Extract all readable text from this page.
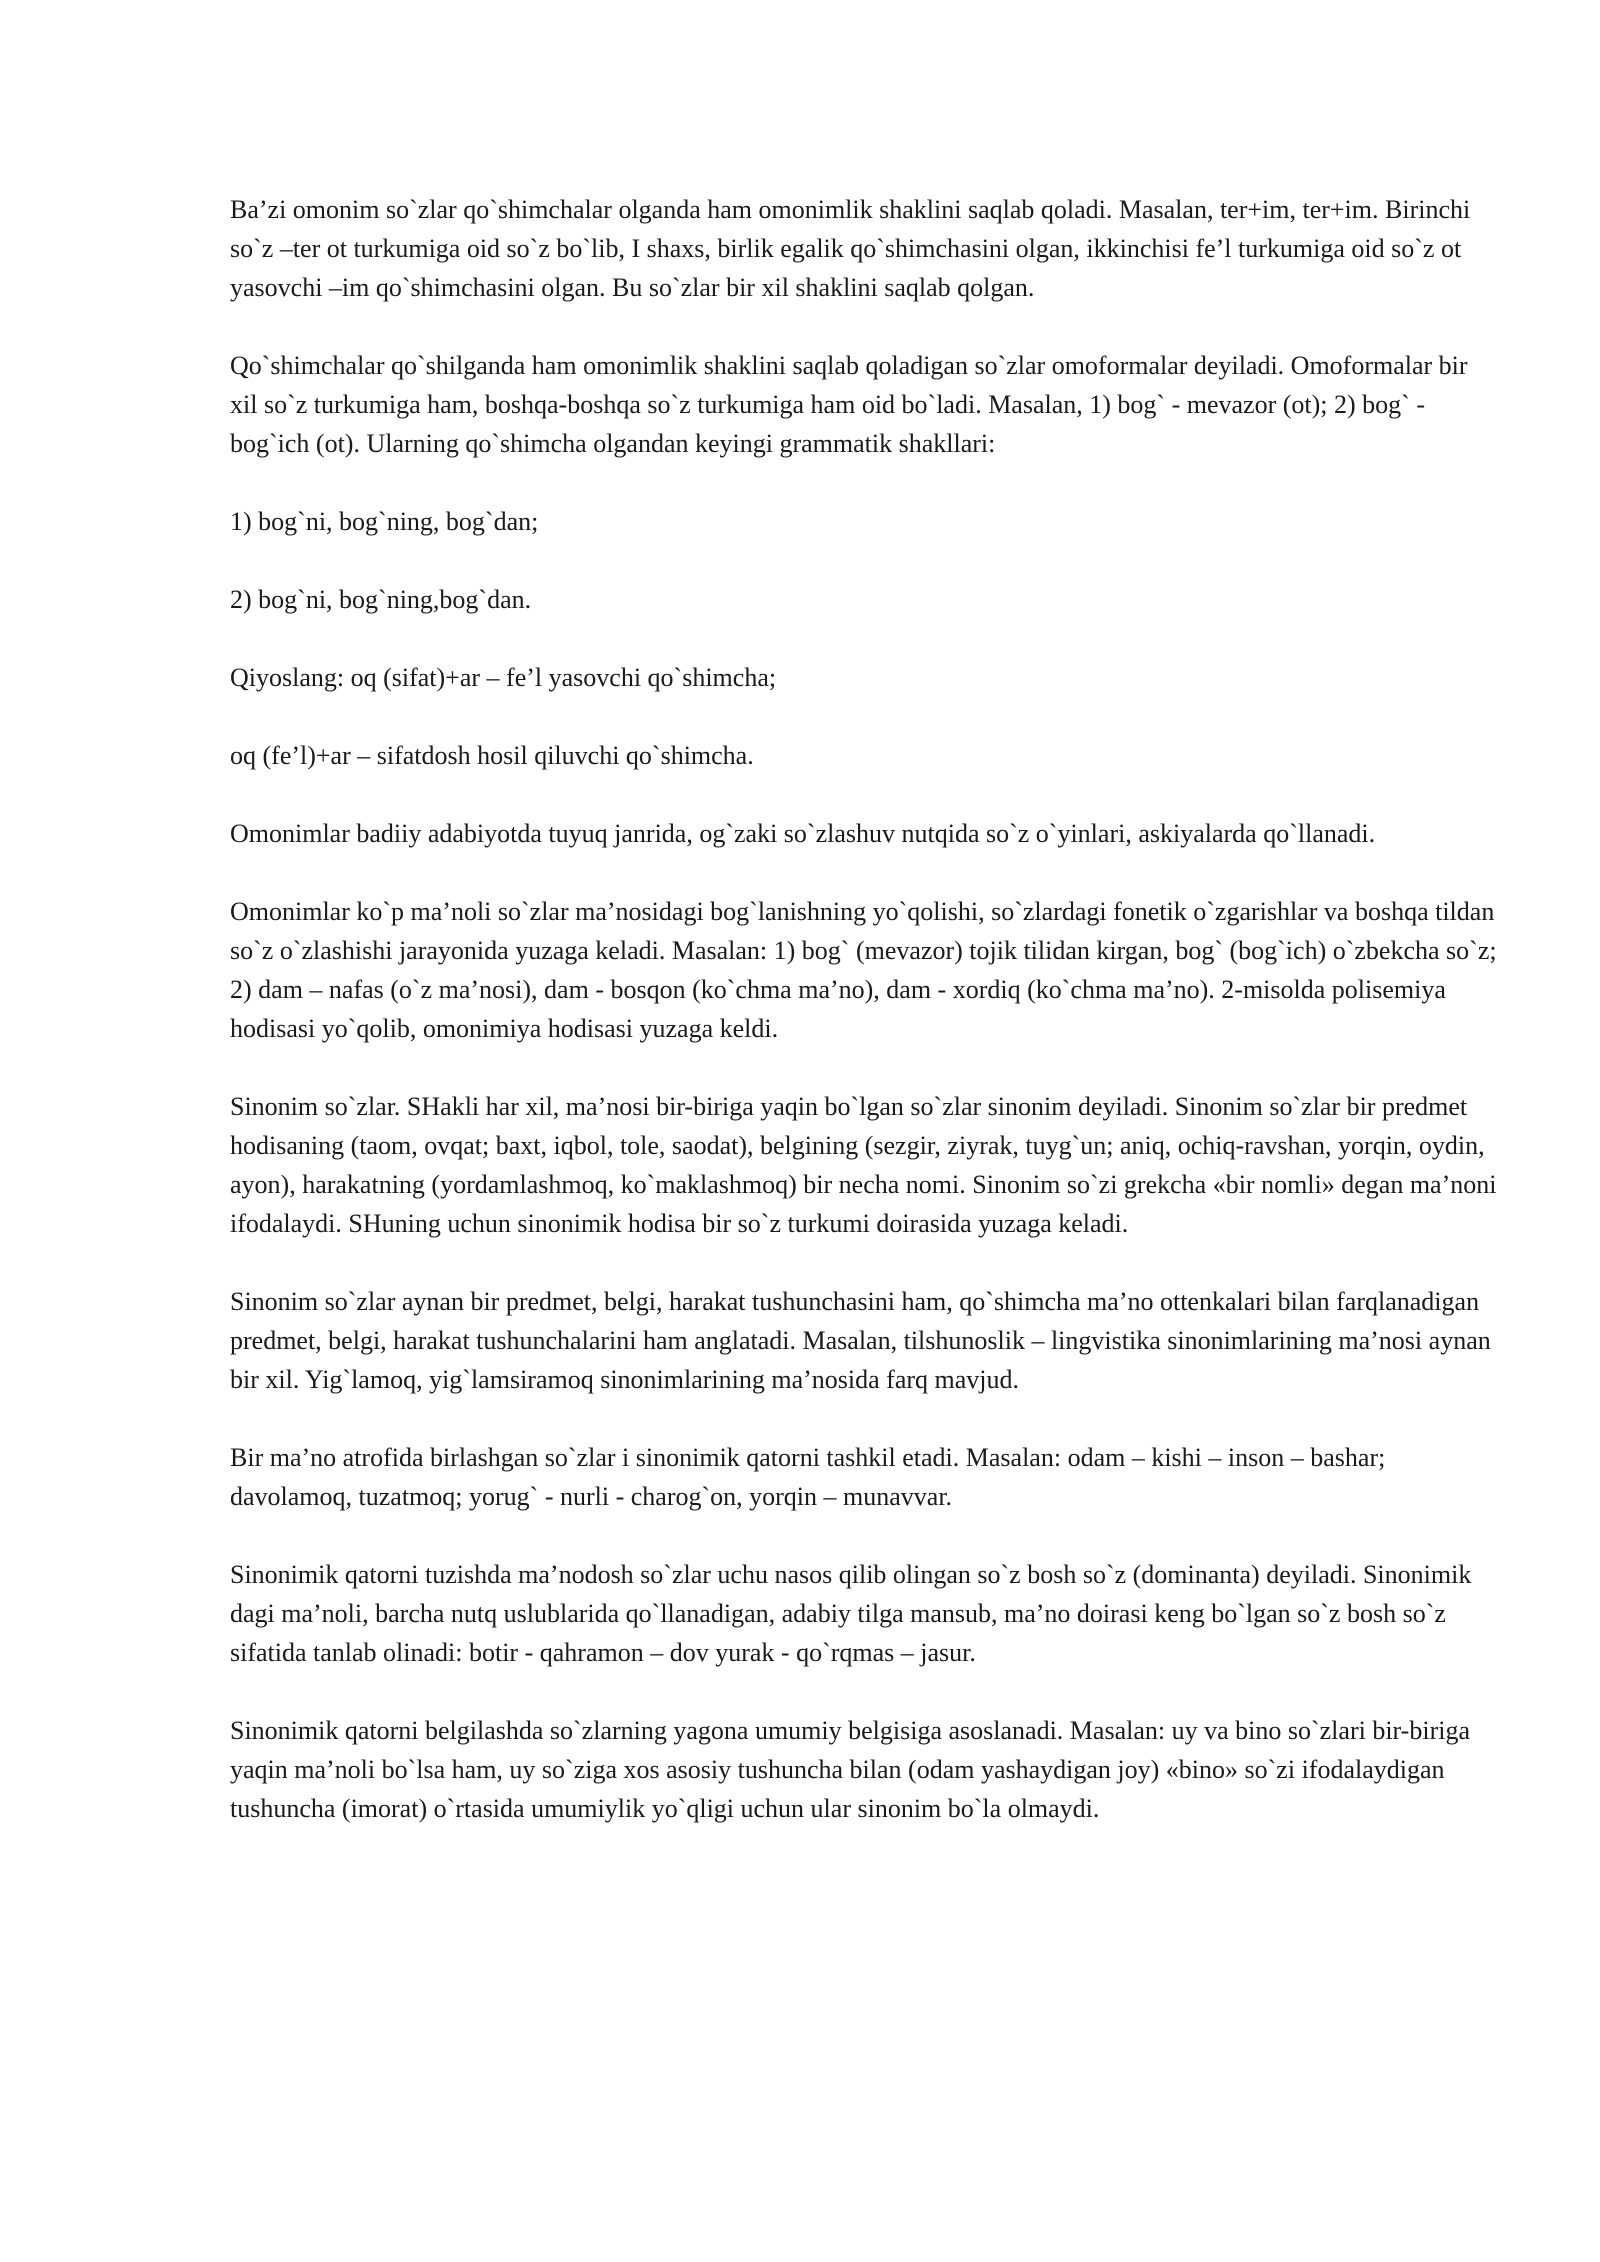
Ba’zi omonim so`zlar qo`shimchalar olganda ham omonimlik shaklini saqlab qoladi. Masalan, ter+im, ter+im. Birinchi so`z –ter ot turkumiga oid so`z bo`lib, I shaxs, birlik egalik qo`shimchasini olgan, ikkinchisi fe’l turkumiga oid so`z ot yasovchi –im qo`shimchasini olgan. Bu so`zlar bir xil shaklini saqlab qolgan.

Qo`shimchalar qo`shilganda ham omonimlik shaklini saqlab qoladigan so`zlar omoformalar deyiladi. Omoformalar bir xil so`z turkumiga ham, boshqa-boshqa so`z turkumiga ham oid bo`ladi. Masalan, 1) bog` - mevazor (ot); 2) bog` - bog`ich (ot). Ularning qo`shimcha olgandan keyingi grammatik shakllari:

1) bog`ni, bog`ning, bog`dan;

2) bog`ni, bog`ning,bog`dan.

Qiyoslang: oq (sifat)+ar – fe’l yasovchi qo`shimcha;

oq (fe’l)+ar – sifatdosh hosil qiluvchi qo`shimcha.

Omonimlar badiiy adabiyotda tuyuq janrida, og`zaki so`zlashuv nutqida so`z o`yinlari, askiyalarda qo`llanadi.

Omonimlar ko`p ma’noli so`zlar ma’nosidagi bog`lanishning yo`qolishi, so`zlardagi fonetik o`zgarishlar va boshqa tildan so`z o`zlashishi jarayonida yuzaga keladi. Masalan: 1) bog` (mevazor) tojik tilidan kirgan, bog` (bog`ich) o`zbekcha so`z; 2) dam – nafas (o`z ma’nosi), dam - bosqon (ko`chma ma’no), dam - xordiq (ko`chma ma’no). 2-misolda polisemiya hodisasi yo`qolib, omonimiya hodisasi yuzaga keldi.

Sinonim so`zlar. SHakli har xil, ma’nosi bir-biriga yaqin bo`lgan so`zlar sinonim deyiladi. Sinonim so`zlar bir predmet hodisaning (taom, ovqat; baxt, iqbol, tole, saodat), belgining (sezgir, ziyrak, tuyg`un; aniq, ochiq-ravshan, yorqin, oydin, ayon), harakatning (yordamlashmoq, ko`maklashmoq) bir necha nomi. Sinonim so`zi grekcha «bir nomli» degan ma’noni ifodalaydi. SHuning uchun sinonimik hodisa bir so`z turkumi doirasida yuzaga keladi.

Sinonim so`zlar aynan bir predmet, belgi, harakat tushunchasini ham, qo`shimcha ma’no ottenkalari bilan farqlanadigan predmet, belgi, harakat tushunchalarini ham anglatadi. Masalan, tilshunoslik – lingvistika sinonimlarining ma’nosi aynan bir xil. Yig`lamoq, yig`lamsiramoq sinonimlarining ma’nosida farq mavjud.

Bir ma’no atrofida birlashgan so`zlar i sinonimik qatorni tashkil etadi. Masalan: odam – kishi – inson – bashar; davolamoq, tuzatmoq; yorug` - nurli - charog`on, yorqin – munavvar.

Sinonimik qatorni tuzishda ma’nodosh so`zlar uchu nasos qilib olingan so`z bosh so`z (dominanta) deyiladi. Sinonimik dagi ma’noli, barcha nutq uslublarida qo`llanadigan, adabiy tilga mansub, ma’no doirasi keng bo`lgan so`z bosh so`z sifatida tanlab olinadi: botir - qahramon – dov yurak - qo`rqmas – jasur.

Sinonimik qatorni belgilashda so`zlarning yagona umumiy belgisiga asoslanadi. Masalan: uy va bino so`zlari bir-biriga yaqin ma’noli bo`lsa ham, uy so`ziga xos asosiy tushuncha bilan (odam yashaydigan joy) «bino» so`zi ifodalaydigan tushuncha (imorat) o`rtasida umumiylik yo`qligi uchun ular sinonim bo`la olmaydi.
